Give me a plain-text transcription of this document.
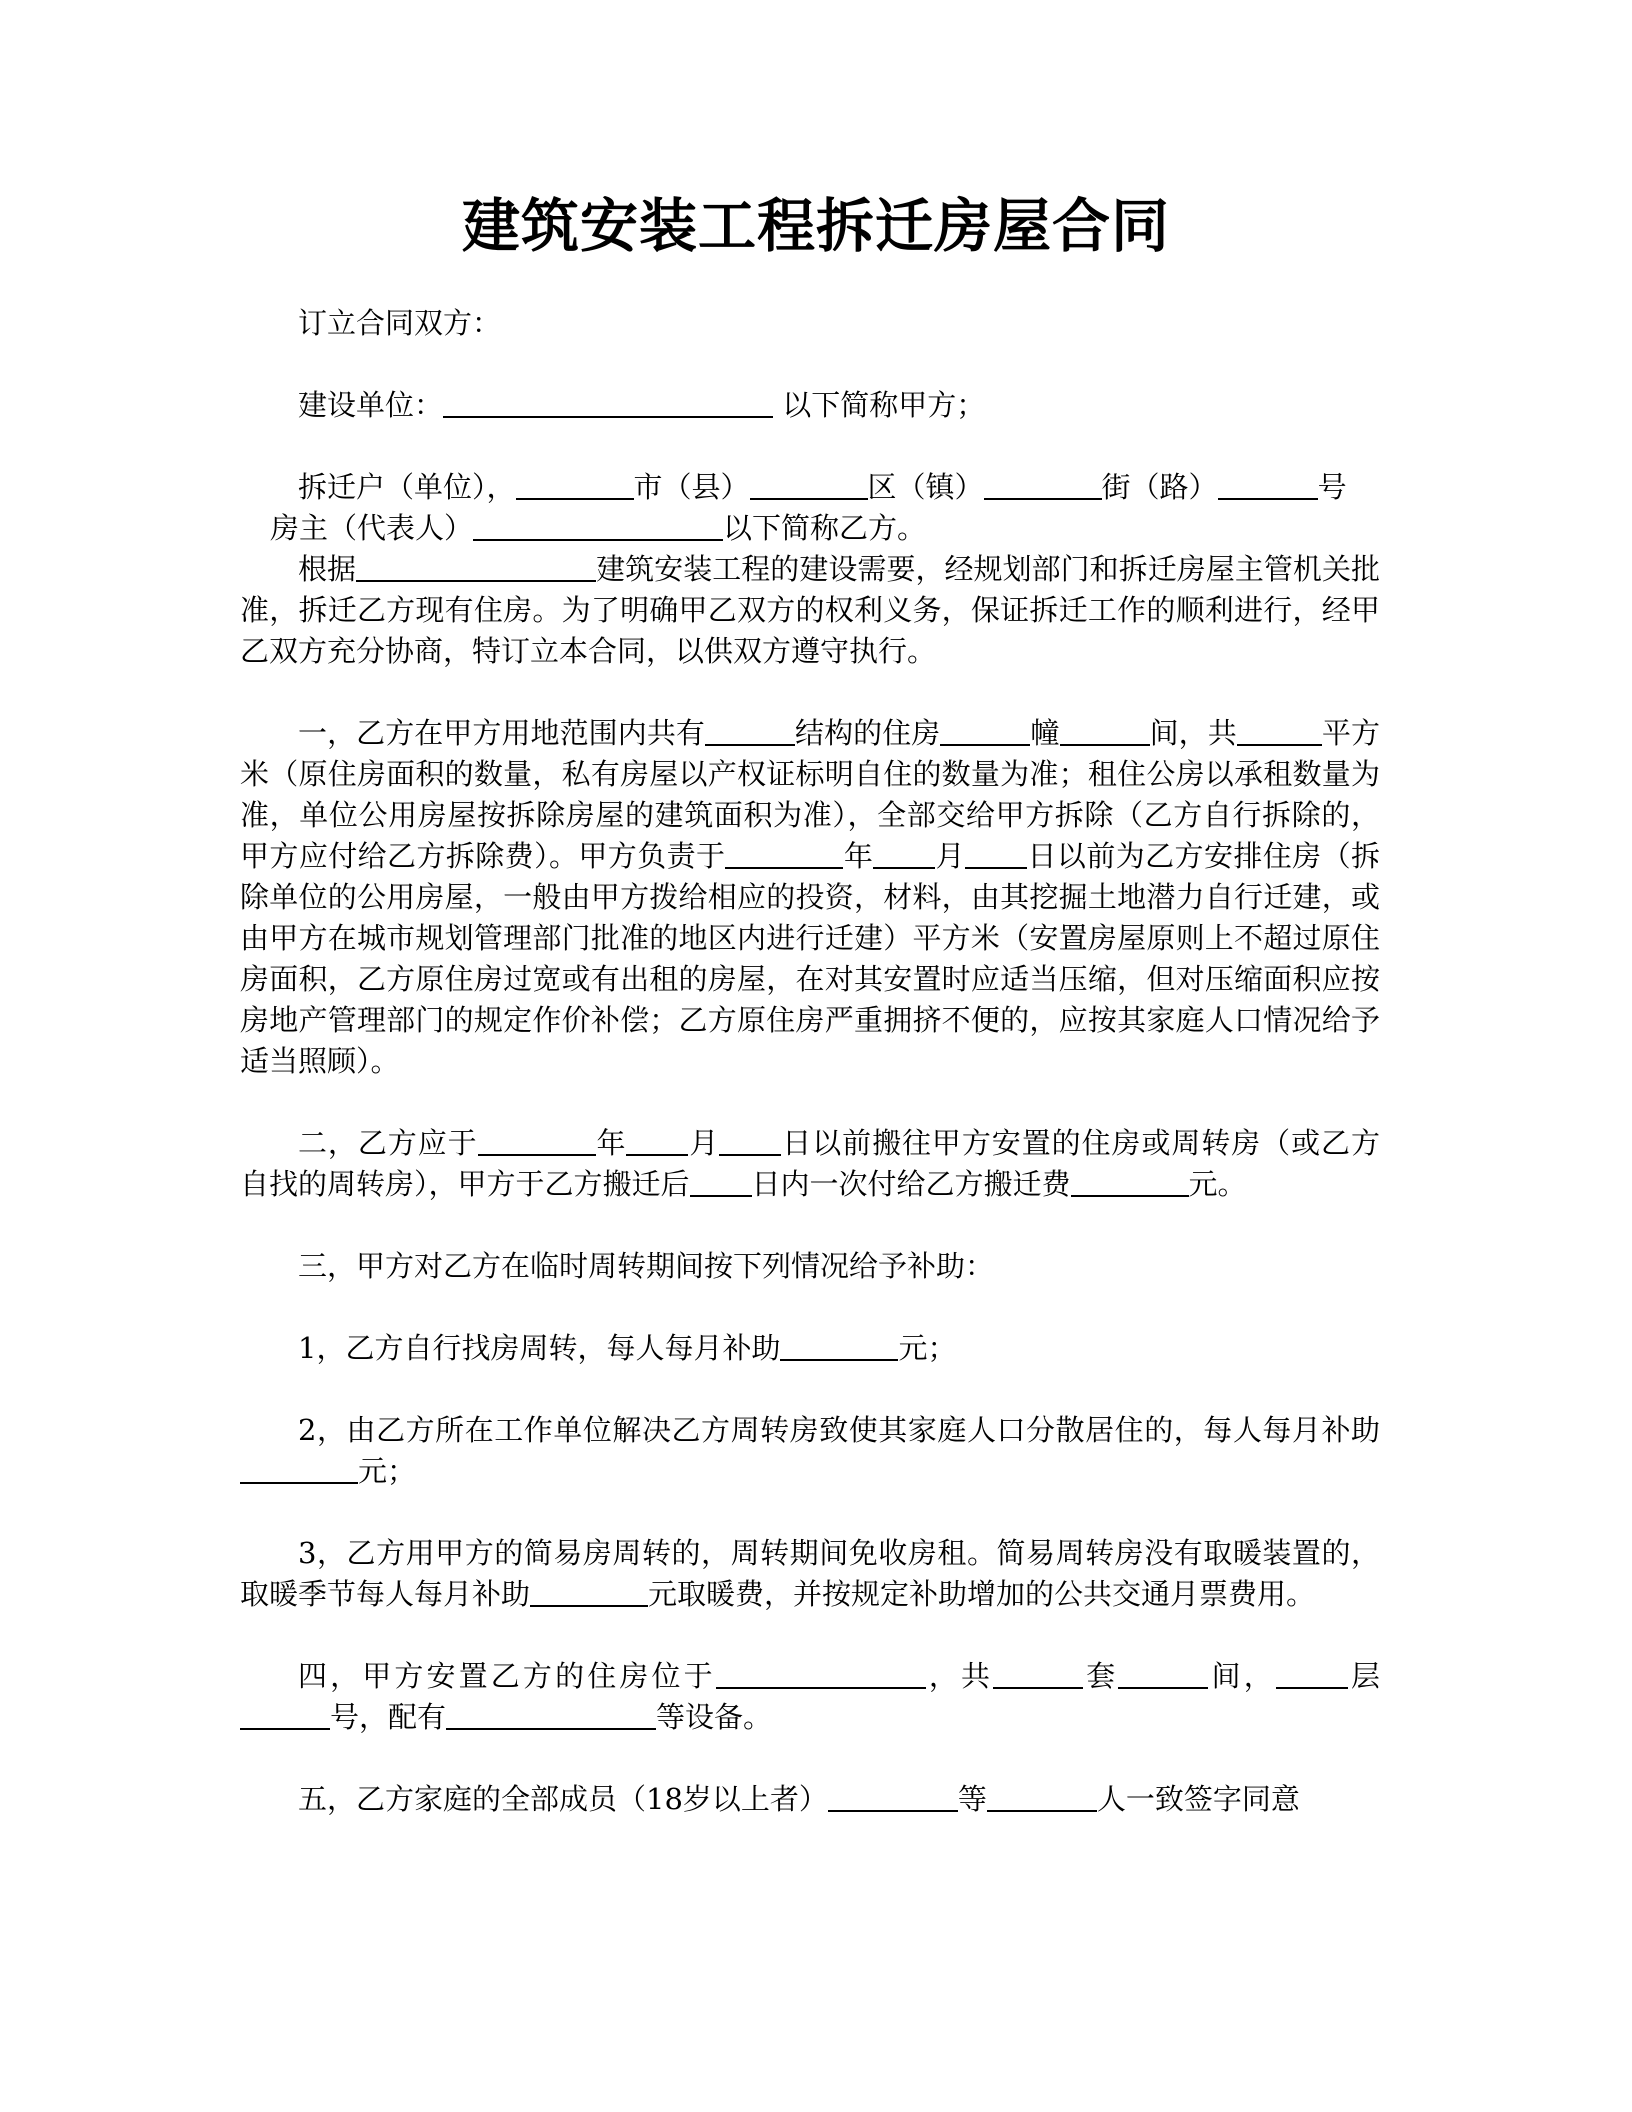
建筑安装工程拆迁房屋合同

订立合同双方：

建设单位：	以下简称甲方；

拆迁户（单位），	市（县）	区（镇）	街（路）	号

房主（代表人）	以下简称乙方。

根据	建筑安装工程的建设需要，经规划部门和拆迁房屋主管机关批准，拆迁乙方现有住房。为了明确甲乙双方的权利义务，保证拆迁工作的顺利进行，经甲乙双方充分协商，特订立本合同，以供双方遵守执行。

一，乙方在甲方用地范围内共有	结构的住房	幢	间，共	平方米（原住房面积的数量，私有房屋以产权证标明自住的数量为准；租住公房以承租数量为准，单位公用房屋按拆除房屋的建筑面积为准），全部交给甲方拆除（乙方自行拆除的，甲方应付给乙方拆除费）。甲方负责于	年 月 日以前为乙方安排住房（拆除单位的公用房屋，一般由甲方拨给相应的投资，材料，由其挖掘土地潜力自行迁建，或由甲方在城市规划管理部门批准的地区内进行迁建）平方米（安置房屋原则上不超过原住房面积，乙方原住房过宽或有出租的房屋，在对其安置时应适当压缩，但对压缩面积应按房地产管理部门的规定作价补偿；乙方原住房严重拥挤不便的，应按其家庭人口情况给予适当照顾）。

二，乙方应于	年 月 日以前搬往甲方安置的住房或周转房（或乙方自找的周转房），甲方于乙方搬迁后 日内一次付给乙方搬迁费	元。

三，甲方对乙方在临时周转期间按下列情况给予补助：

1，乙方自行找房周转，每人每月补助	元；

2，由乙方所在工作单位解决乙方周转房致使其家庭人口分散居住的，每人每月补助元；

3，乙方用甲方的简易房周转的，周转期间免收房租。简易周转房没有取暖装置的，取暖季节每人每月补助	元取暖费，并按规定补助增加的公共交通月票费用。

四，甲方安置乙方的住房位于	，共	套	间， 层号，配有	等设备。

五，乙方家庭的全部成员（18岁以上者）	等	人一致签字同意
